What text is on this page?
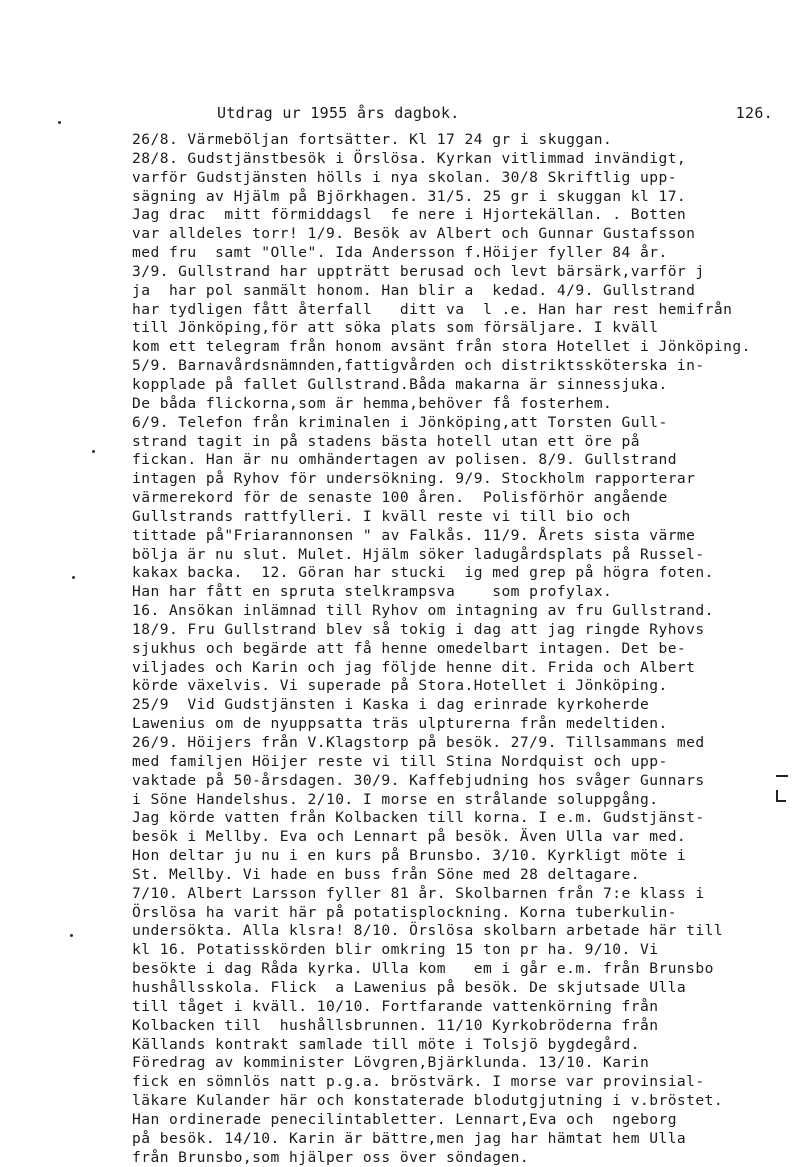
Utdrag ur 1955 års dagbok.	126.
26/8. Värmeböljan fortsätter. Kl 17 24 gr i skuggan.
28/8. Gudstjänstbesök i Örslösa. Kyrkan vitlimmad invändigt,
varför Gudstjänsten hölls i nya skolan. 30/8 Skriftlig upp-
sägning av Hjälm på Björkhagen. 31/5. 25 gr i skuggan kl 17.
Jag drac  mitt förmiddagsl  fe nere i Hjortekällan. . Botten
var alldeles torr! 1/9. Besök av Albert och Gunnar Gustafsson
med fru  samt "Olle". Ida Andersson f.Höijer fyller 84 år.
3/9. Gullstrand har uppträtt berusad och levt bärsärk,varför j
ja  har pol sanmält honom. Han blir a  kedad. 4/9. Gullstrand
har tydligen fått återfall   ditt va  l .e. Han har rest hemifrån
till Jönköping,för att söka plats som försäljare. I kväll
kom ett telegram från honom avsänt från stora Hotellet i Jönköping.
5/9. Barnavårdsnämnden,fattigvården och distriktssköterska in-
kopplade på fallet Gullstrand.Båda makarna är sinnessjuka.
De båda flickorna,som är hemma,behöver få fosterhem.
6/9. Telefon från kriminalen i Jönköping,att Torsten Gull-
strand tagit in på stadens bästa hotell utan ett öre på
fickan. Han är nu omhändertagen av polisen. 8/9. Gullstrand
intagen på Ryhov för undersökning. 9/9. Stockholm rapporterar
värmerekord för de senaste 100 åren.  Polisförhör angående
Gullstrands rattfylleri. I kväll reste vi till bio och
tittade på"Friarannonsen " av Falkås. 11/9. Årets sista värme
bölja är nu slut. Mulet. Hjälm söker ladugårdsplats på Russel-
kakax backa.  12. Göran har stucki  ig med grep på högra foten.
Han har fått en spruta stelkrampsva    som profylax.
16. Ansökan inlämnad till Ryhov om intagning av fru Gullstrand.
18/9. Fru Gullstrand blev så tokig i dag att jag ringde Ryhovs
sjukhus och begärde att få henne omedelbart intagen. Det be-
viljades och Karin och jag följde henne dit. Frida och Albert
körde växelvis. Vi superade på Stora.Hotellet i Jönköping.
25/9  Vid Gudstjänsten i Kaska i dag erinrade kyrkoherde
Lawenius om de nyuppsatta träs ulpturerna från medeltiden.
26/9. Höijers från V.Klagstorp på besök. 27/9. Tillsammans med
med familjen Höijer reste vi till Stina Nordquist och upp-
vaktade på 50-årsdagen. 30/9. Kaffebjudning hos svåger Gunnars
i Söne Handelshus. 2/10. I morse en strålande soluppgång.
Jag körde vatten från Kolbacken till korna. I e.m. Gudstjänst-
besök i Mellby. Eva och Lennart på besök. Även Ulla var med.
Hon deltar ju nu i en kurs på Brunsbo. 3/10. Kyrkligt möte i
St. Mellby. Vi hade en buss från Söne med 28 deltagare.
7/10. Albert Larsson fyller 81 år. Skolbarnen från 7:e klass i
Örslösa ha varit här på potatisplockning. Korna tuberkulin-
undersökta. Alla klsra! 8/10. Örslösa skolbarn arbetade här till
kl 16. Potatisskörden blir omkring 15 ton pr ha. 9/10. Vi
besökte i dag Råda kyrka. Ulla kom   em i går e.m. från Brunsbo
hushållsskola. Flick  a Lawenius på besök. De skjutsade Ulla
till tåget i kväll. 10/10. Fortfarande vattenkörning från
Kolbacken till  hushållsbrunnen. 11/10 Kyrkobröderna från
Källands kontrakt samlade till möte i Tolsjö bygdegård.
Föredrag av komminister Lövgren,Bjärklunda. 13/10. Karin
fick en sömnlös natt p.g.a. bröstvärk. I morse var provinsial-
läkare Kulander här och konstaterade blodutgjutning i v.bröstet.
Han ordinerade penecilintabletter. Lennart,Eva och  ngeborg
på besök. 14/10. Karin är bättre,men jag har hämtat hem Ulla
från Brunsbo,som hjälper oss över söndagen.
